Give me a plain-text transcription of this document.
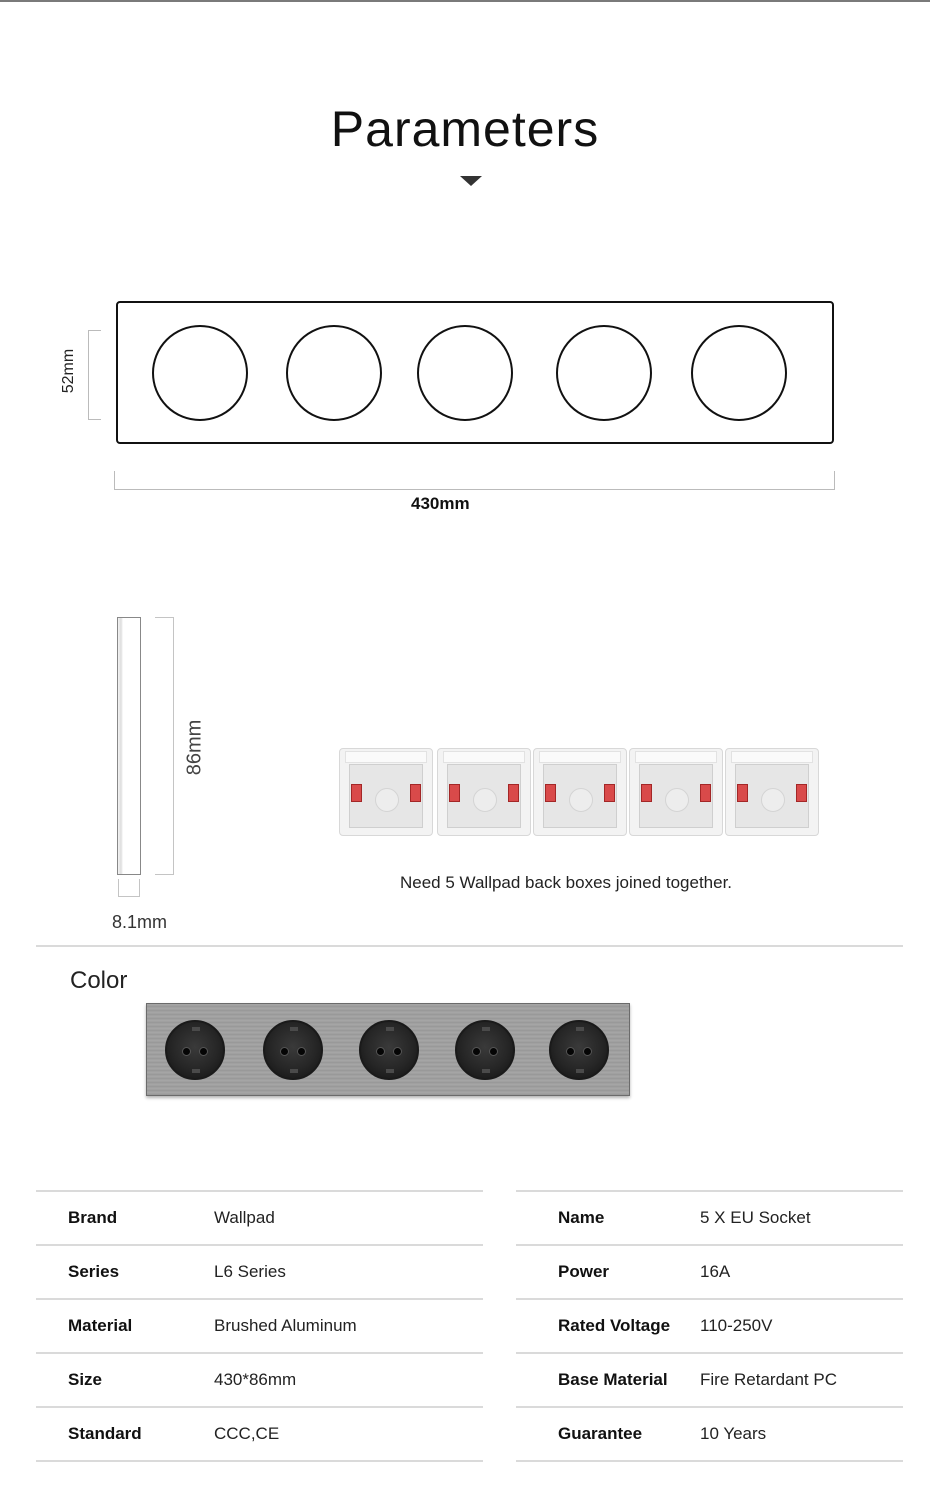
Parameters
52mm
430mm
86mm
8.1mm
Need 5 Wallpad back boxes joined together.
Color
Brand	Wallpad
Series	L6 Series
Material	Brushed Aluminum
Size	430*86mm
Standard	CCC,CE
Name	5 X EU Socket
Power	16A
Rated Voltage	110-250V
Base Material	Fire Retardant PC
Guarantee	10 Years
